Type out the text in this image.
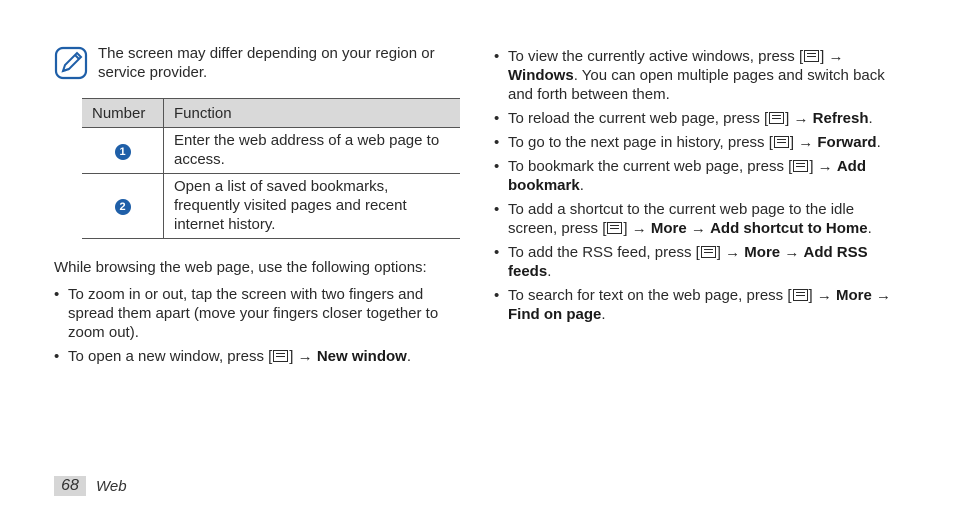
The screen may differ depending on your region or service provider.
Number	Function
1	Enter the web address of a web page to access.
2	Open a list of saved bookmarks, frequently visited pages and recent internet history.
While browsing the web page, use the following options:
• To zoom in or out, tap the screen with two fingers and spread them apart (move your fingers closer together to zoom out).
• To open a new window, press [ ] → New window.
• To view the currently active windows, press [ ] → Windows. You can open multiple pages and switch back and forth between them.
• To reload the current web page, press [ ] → Refresh.
• To go to the next page in history, press [ ] → Forward.
• To bookmark the current web page, press [ ] → Add bookmark.
• To add a shortcut to the current web page to the idle screen, press [ ] → More → Add shortcut to Home.
• To add the RSS feed, press [ ] → More → Add RSS feeds.
• To search for text on the web page, press [ ] → More → Find on page.
68	Web
